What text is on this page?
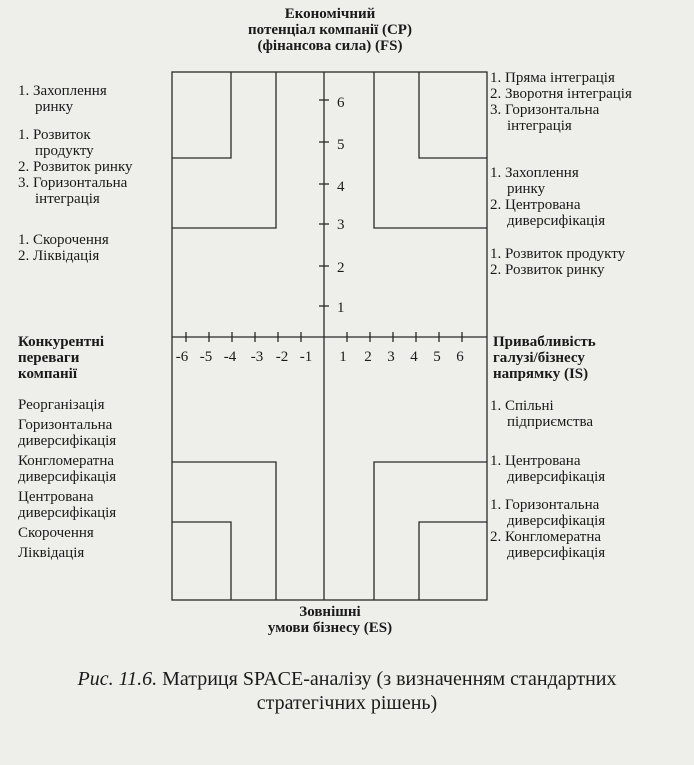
Економічний
потенціал компанії (CP)
(фінансова сила) (FS)
-6 -5 -4 -3 -2 -1 1 2 3 4 5 6
6
5
4
3
2
1
1. Захоплення
ринку
1. Розвиток
продукту
2. Розвиток ринку
3. Горизонтальна
інтеграція
1. Скорочення
2. Ліквідація
1. Пряма інтеграція
2. Зворотня інтеграція
3. Горизонтальна
інтеграція
1. Захоплення
ринку
2. Центрована
диверсифікація
1. Розвиток продукту
2. Розвиток ринку
Конкурентні
переваги
компанії
Привабливість
галузі/бізнесу
напрямку (IS)
Реорганізація
Горизонтальна
диверсифікація
Конгломератна
диверсифікація
Центрована
диверсифікація
Скорочення
Ліквідація
1. Спільні
підприємства
1. Центрована
диверсифікація
1. Горизонтальна
диверсифікація
2. Конгломератна
диверсифікація
Зовнішні
умови бізнесу (ES)
Рис. 11.6. Матриця SPACE-аналізу (з визначенням стандартних
стратегічних рішень)
